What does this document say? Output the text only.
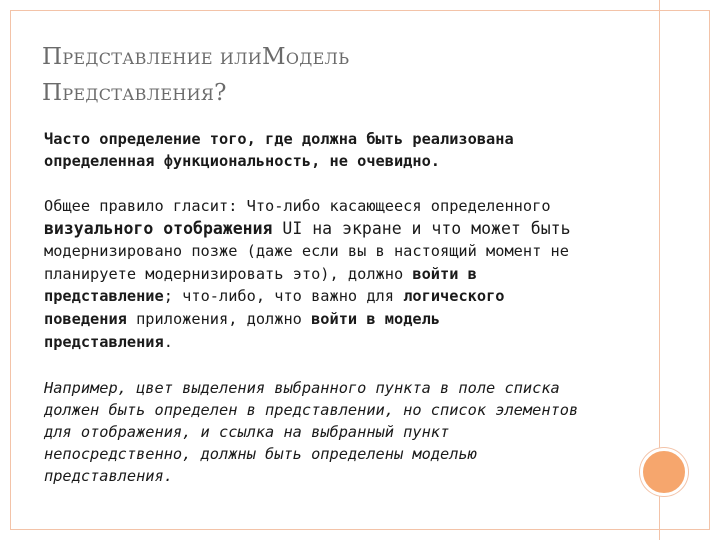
ПРЕДСТАВЛЕНИЕ ИЛИМОДЕЛЬ
ПРЕДСТАВЛЕНИЯ?

Часто определение того, где должна быть реализована
определенная функциональность, не очевидно.

Общее правило гласит: Что-либо касающееся определенного
визуального отображения UI на экране и что может быть
модернизировано позже (даже если вы в настоящий момент не
планируете модернизировать это), должно войти в
представление; что-либо, что важно для логического
поведения приложения, должно войти в модель
представления.

Например, цвет выделения выбранного пункта в поле списка
должен быть определен в представлении, но список элементов
для отображения, и ссылка на выбранный пункт
непосредственно, должны быть определены моделью
представления.
